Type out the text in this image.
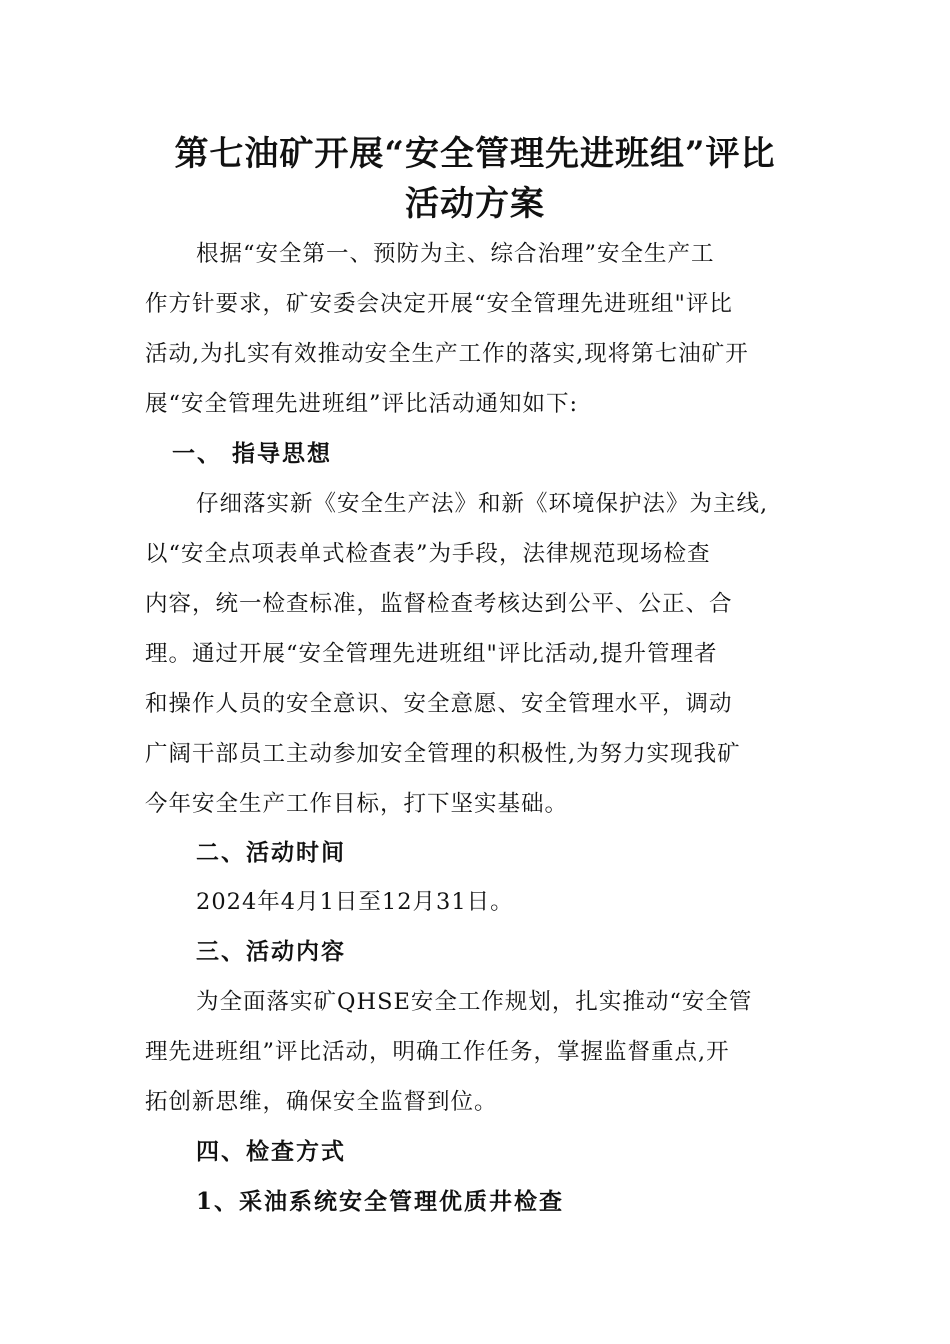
第七油矿开展“安全管理先进班组”评比
活动方案
根据“安全第一、预防为主、综合治理”安全生产工
作方针要求，矿安委会决定开展“安全管理先进班组"评比
活动,为扎实有效推动安全生产工作的落实,现将第七油矿开
展“安全管理先进班组”评比活动通知如下:
一、 指导思想
仔细落实新《安全生产法》和新《环境保护法》为主线,
以“安全点项表单式检查表”为手段，法律规范现场检查
内容，统一检查标准，监督检查考核达到公平、公正、合
理。通过开展“安全管理先进班组"评比活动,提升管理者
和操作人员的安全意识、安全意愿、安全管理水平，调动
广阔干部员工主动参加安全管理的积极性,为努力实现我矿
今年安全生产工作目标，打下坚实基础。
二、活动时间
2024年4月1日至12月31日。
三、活动内容
为全面落实矿QHSE安全工作规划，扎实推动“安全管
理先进班组”评比活动，明确工作任务，掌握监督重点,开
拓创新思维，确保安全监督到位。
四、检查方式
1、采油系统安全管理优质井检查
